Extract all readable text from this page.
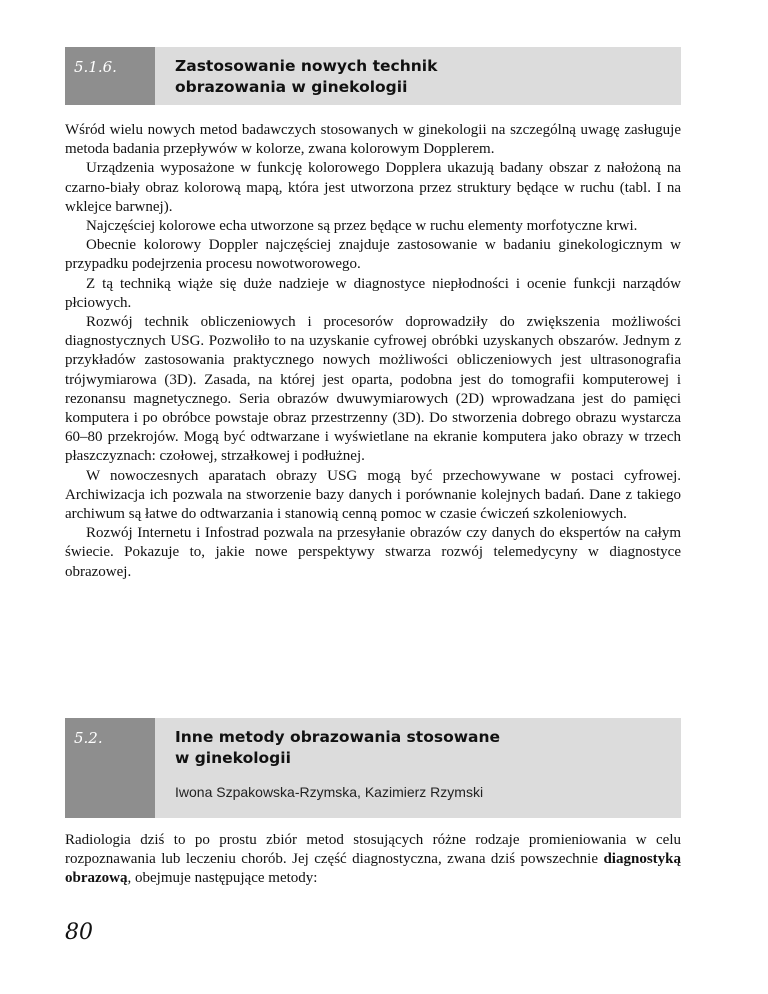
5.1.6.	Zastosowanie nowych technik
obrazowania w ginekologii

Wśród wielu nowych metod badawczych stosowanych w ginekologii na szczególną uwagę zasługuje metoda badania przepływów w kolorze, zwana kolorowym Dopplerem.

Urządzenia wyposażone w funkcję kolorowego Dopplera ukazują badany obszar z nałożoną na czarno-biały obraz kolorową mapą, która jest utworzona przez struktury będące w ruchu (tabl. I na wklejce barwnej).

Najczęściej kolorowe echa utworzone są przez będące w ruchu elementy morfotyczne krwi.

Obecnie kolorowy Doppler najczęściej znajduje zastosowanie w badaniu ginekologicznym w przypadku podejrzenia procesu nowotworowego.

Z tą techniką wiąże się duże nadzieje w diagnostyce niepłodności i ocenie funkcji narządów płciowych.

Rozwój technik obliczeniowych i procesorów doprowadziły do zwiększenia możliwości diagnostycznych USG. Pozwoliło to na uzyskanie cyfrowej obróbki uzyskanych obszarów. Jednym z przykładów zastosowania praktycznego nowych możliwości obliczeniowych jest ultrasonografia trójwymiarowa (3D). Zasada, na której jest oparta, podobna jest do tomografii komputerowej i rezonansu magnetycznego. Seria obrazów dwuwymiarowych (2D) wprowadzana jest do pamięci komputera i po obróbce powstaje obraz przestrzenny (3D). Do stworzenia dobrego obrazu wystarcza 60–80 przekrojów. Mogą być odtwarzane i wyświetlane na ekranie komputera jako obrazy w trzech płaszczyznach: czołowej, strzałkowej i podłużnej.

W nowoczesnych aparatach obrazy USG mogą być przechowywane w postaci cyfrowej. Archiwizacja ich pozwala na stworzenie bazy danych i porównanie kolejnych badań. Dane z takiego archiwum są łatwe do odtwarzania i stanowią cenną pomoc w czasie ćwiczeń szkoleniowych.

Rozwój Internetu i Infostrad pozwala na przesyłanie obrazów czy danych do ekspertów na całym świecie. Pokazuje to, jakie nowe perspektywy stwarza rozwój telemedycyny w diagnostyce obrazowej.

5.2.	Inne metody obrazowania stosowane
w ginekologii
Iwona Szpakowska-Rzymska, Kazimierz Rzymski

Radiologia dziś to po prostu zbiór metod stosujących różne rodzaje promieniowania w celu rozpoznawania lub leczeniu chorób. Jej część diagnostyczna, zwana dziś powszechnie diagnostyką obrazową, obejmuje następujące metody:

80
